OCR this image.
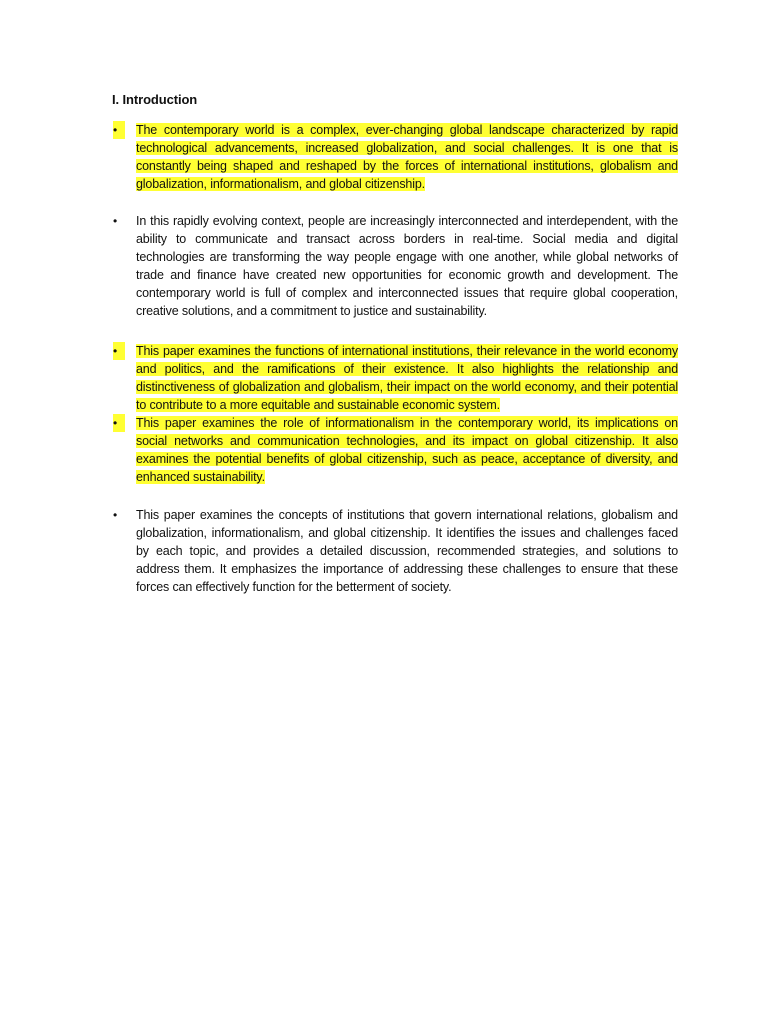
I. Introduction
•	The contemporary world is a complex, ever-changing global landscape characterized by rapid technological advancements, increased globalization, and social challenges. It is one that is constantly being shaped and reshaped by the forces of international institutions, globalism and globalization, informationalism, and global citizenship.
•	In this rapidly evolving context, people are increasingly interconnected and interdependent, with the ability to communicate and transact across borders in real-time. Social media and digital technologies are transforming the way people engage with one another, while global networks of trade and finance have created new opportunities for economic growth and development. The contemporary world is full of complex and interconnected issues that require global cooperation, creative solutions, and a commitment to justice and sustainability.
•	This paper examines the functions of international institutions, their relevance in the world economy and politics, and the ramifications of their existence. It also highlights the relationship and distinctiveness of globalization and globalism, their impact on the world economy, and their potential to contribute to a more equitable and sustainable economic system.
•	This paper examines the role of informationalism in the contemporary world, its implications on social networks and communication technologies, and its impact on global citizenship. It also examines the potential benefits of global citizenship, such as peace, acceptance of diversity, and enhanced sustainability.
•	This paper examines the concepts of institutions that govern international relations, globalism and globalization, informationalism, and global citizenship. It identifies the issues and challenges faced by each topic, and provides a detailed discussion, recommended strategies, and solutions to address them. It emphasizes the importance of addressing these challenges to ensure that these forces can effectively function for the betterment of society.
